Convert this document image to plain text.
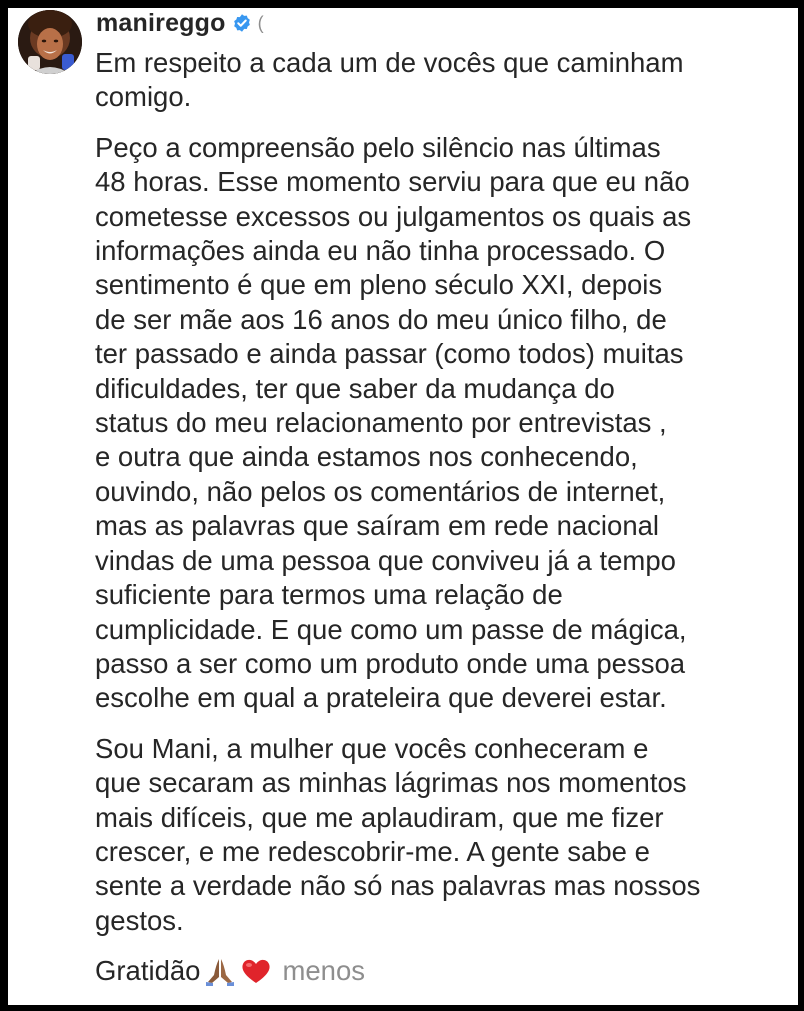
manireggo (

Em respeito a cada um de vocês que caminham
comigo.

Peço a compreensão pelo silêncio nas últimas
48 horas. Esse momento serviu para que eu não
cometesse excessos ou julgamentos os quais as
informações ainda eu não tinha processado. O
sentimento é que em pleno século XXI, depois
de ser mãe aos 16 anos do meu único filho, de
ter passado e ainda passar (como todos) muitas
dificuldades, ter que saber da mudança do
status do meu relacionamento por entrevistas ,
e outra que ainda estamos nos conhecendo,
ouvindo, não pelos os comentários de internet,
mas as palavras que saíram em rede nacional
vindas de uma pessoa que conviveu já a tempo
suficiente para termos uma relação de
cumplicidade. E que como um passe de mágica,
passo a ser como um produto onde uma pessoa
escolhe em qual a prateleira que deverei estar.

Sou Mani, a mulher que vocês conheceram e
que secaram as minhas lágrimas nos momentos
mais difíceis, que me aplaudiram, que me fizer
crescer, e me redescobrir-me. A gente sabe e
sente a verdade não só nas palavras mas nossos
gestos.

Gratidão	menos
